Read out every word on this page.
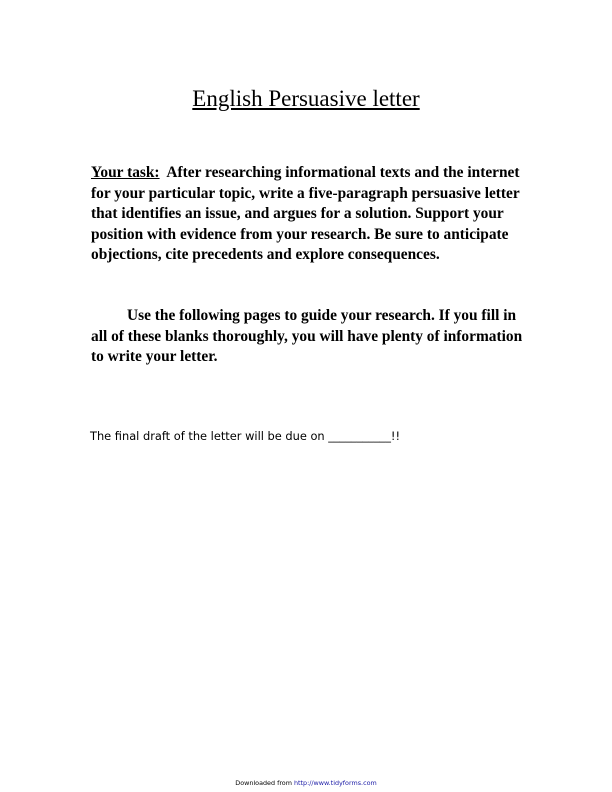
English Persuasive letter

Your task: After researching informational texts and the internet for your particular topic, write a five-paragraph persuasive letter that identifies an issue, and argues for a solution. Support your position with evidence from your research. Be sure to anticipate objections, cite precedents and explore consequences.

Use the following pages to guide your research. If you fill in all of these blanks thoroughly, you will have plenty of information to write your letter.

The final draft of the letter will be due on ___________!!

Downloaded from http://www.tidyforms.com
